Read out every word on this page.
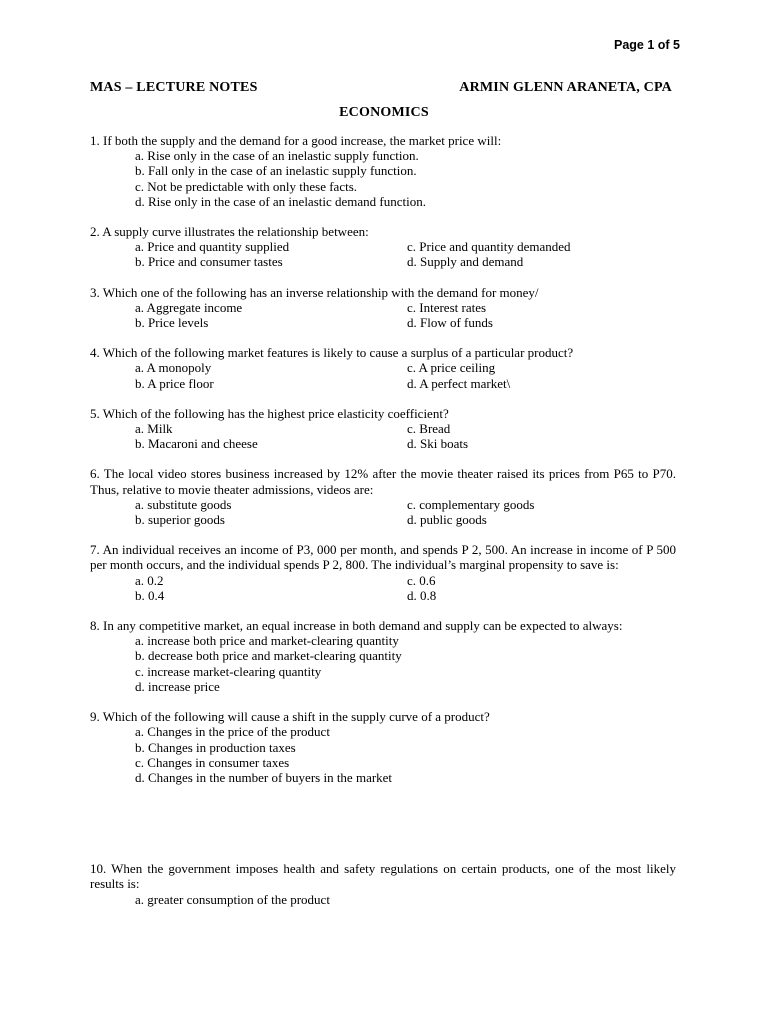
Page 1 of 5
MAS – LECTURE NOTES	ARMIN GLENN ARANETA, CPA
ECONOMICS
1. If both the supply and the demand for a good increase, the market price will:
a. Rise only in the case of an inelastic supply function.
b. Fall only in the case of an inelastic supply function.
c. Not be predictable with only these facts.
d. Rise only in the case of an inelastic demand function.
2. A supply curve illustrates the relationship between:
a. Price and quantity supplied	c. Price and quantity demanded
b. Price and consumer tastes	d. Supply and demand
3. Which one of the following has an inverse relationship with the demand for money/
a. Aggregate income	c. Interest rates
b. Price levels	d. Flow of funds
4. Which of the following market features is likely to cause a surplus of a particular product?
a. A monopoly	c. A price ceiling
b. A price floor	d. A perfect market\
5. Which of the following has the highest price elasticity coefficient?
a. Milk	c. Bread
b. Macaroni and cheese	d. Ski boats
6. The local video stores business increased by 12% after the movie theater raised its prices from P65 to P70. Thus, relative to movie theater admissions, videos are:
a. substitute goods	c. complementary goods
b. superior goods	d. public goods
7. An individual receives an income of P3, 000 per month, and spends P 2, 500. An increase in income of P 500 per month occurs, and the individual spends P 2, 800. The individual’s marginal propensity to save is:
a. 0.2	c. 0.6
b. 0.4	d. 0.8
8. In any competitive market, an equal increase in both demand and supply can be expected to always:
a. increase both price and market-clearing quantity
b. decrease both price and market-clearing quantity
c. increase market-clearing quantity
d. increase price
9. Which of the following will cause a shift in the supply curve of a product?
a. Changes in the price of the product
b. Changes in production taxes
c. Changes in consumer taxes
d. Changes in the number of buyers in the market
10. When the government imposes health and safety regulations on certain products, one of the most likely results is:
a. greater consumption of the product
